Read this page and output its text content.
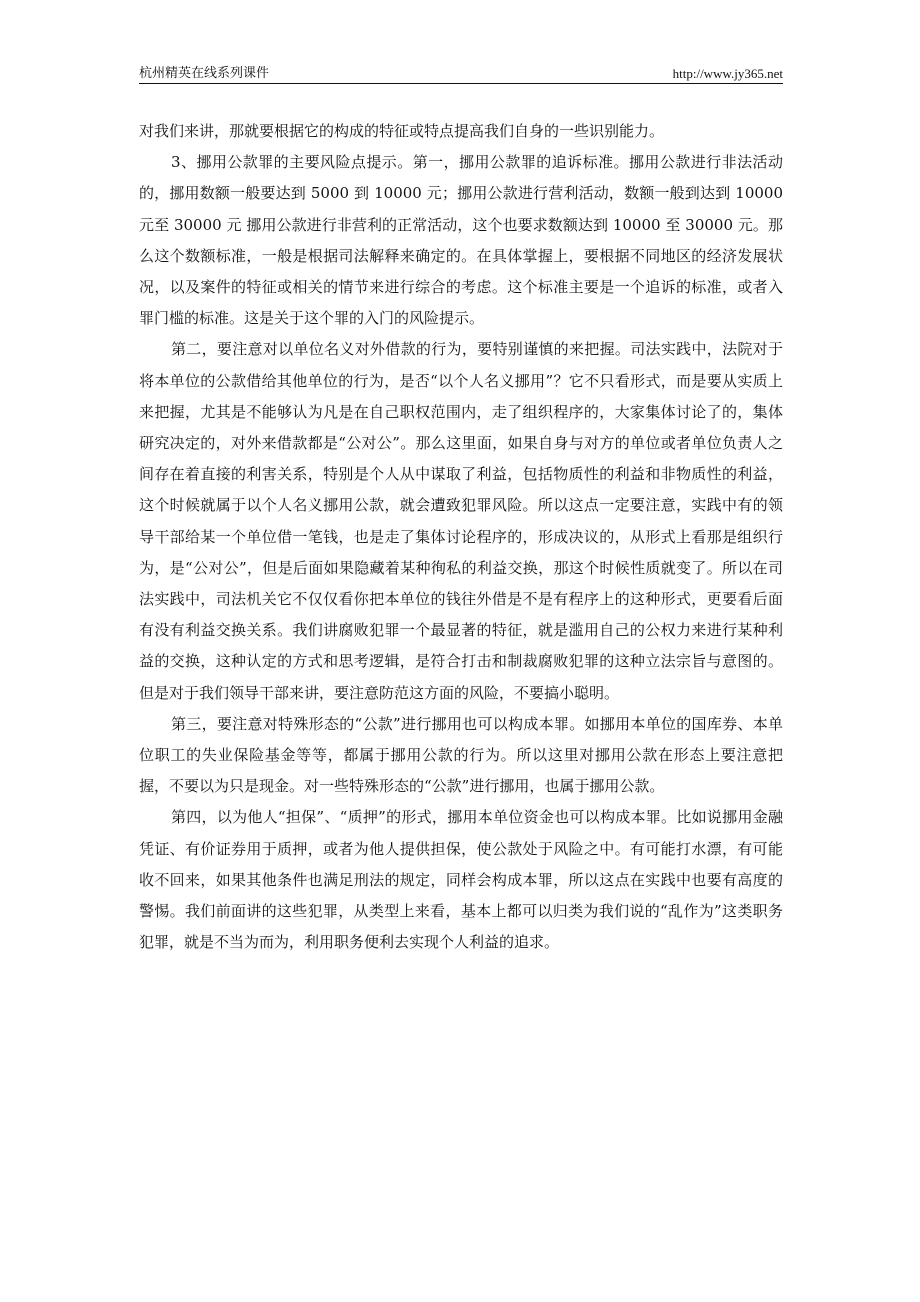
杭州精英在线系列课件	http://www.jy365.net

对我们来讲，那就要根据它的构成的特征或特点提高我们自身的一些识别能力。

3、挪用公款罪的主要风险点提示。第一，挪用公款罪的追诉标准。挪用公款进行非法活动的，挪用数额一般要达到 5000 到 10000 元；挪用公款进行营利活动，数额一般到达到 10000 元至 30000 元 挪用公款进行非营利的正常活动，这个也要求数额达到 10000 至 30000 元。那么这个数额标准，一般是根据司法解释来确定的。在具体掌握上，要根据不同地区的经济发展状况，以及案件的特征或相关的情节来进行综合的考虑。这个标准主要是一个追诉的标准，或者入罪门槛的标准。这是关于这个罪的入门的风险提示。

第二，要注意对以单位名义对外借款的行为，要特别谨慎的来把握。司法实践中，法院对于将本单位的公款借给其他单位的行为，是否“以个人名义挪用”？它不只看形式，而是要从实质上来把握，尤其是不能够认为凡是在自己职权范围内，走了组织程序的，大家集体讨论了的，集体研究决定的，对外来借款都是“公对公”。那么这里面，如果自身与对方的单位或者单位负责人之间存在着直接的利害关系，特别是个人从中谋取了利益，包括物质性的利益和非物质性的利益，这个时候就属于以个人名义挪用公款，就会遭致犯罪风险。所以这点一定要注意，实践中有的领导干部给某一个单位借一笔钱，也是走了集体讨论程序的，形成决议的，从形式上看那是组织行为，是“公对公”，但是后面如果隐藏着某种徇私的利益交换，那这个时候性质就变了。所以在司法实践中，司法机关它不仅仅看你把本单位的钱往外借是不是有程序上的这种形式，更要看后面有没有利益交换关系。我们讲腐败犯罪一个最显著的特征，就是滥用自己的公权力来进行某种利益的交换，这种认定的方式和思考逻辑，是符合打击和制裁腐败犯罪的这种立法宗旨与意图的。但是对于我们领导干部来讲，要注意防范这方面的风险，不要搞小聪明。

第三，要注意对特殊形态的“公款”进行挪用也可以构成本罪。如挪用本单位的国库券、本单位职工的失业保险基金等等，都属于挪用公款的行为。所以这里对挪用公款在形态上要注意把握，不要以为只是现金。对一些特殊形态的“公款”进行挪用，也属于挪用公款。

第四，以为他人“担保”、“质押”的形式，挪用本单位资金也可以构成本罪。比如说挪用金融凭证、有价证券用于质押，或者为他人提供担保，使公款处于风险之中。有可能打水漂，有可能收不回来，如果其他条件也满足刑法的规定，同样会构成本罪，所以这点在实践中也要有高度的警惕。我们前面讲的这些犯罪，从类型上来看，基本上都可以归类为我们说的“乱作为”这类职务犯罪，就是不当为而为，利用职务便利去实现个人利益的追求。
